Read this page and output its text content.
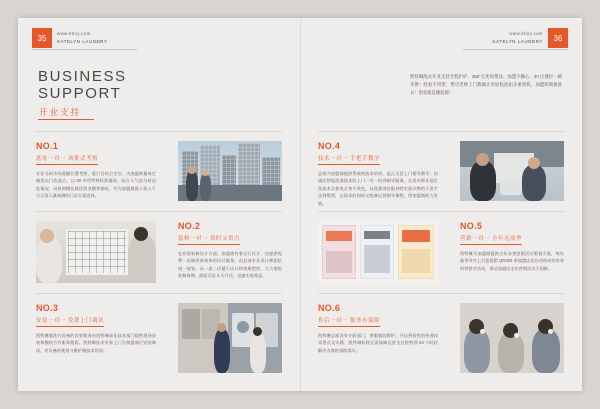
35	www.ktlxy.com
KATELYN LAUNDRY	36
www.ktlxy.com
KATELYN LAUNDRY
BUSINESS
SUPPORT
开业支持
凯特琳洗衣开业支持全程护护，360°无死角帮扶。加盟不操心，30 位捷位一路齐携！经验不用带，帮店老师上门教做让你轻松洗拓多重商机。加盟即刻换洗衣！创业就是赚起源！
NO.1
选址一对一 场批式考察
专业分析市场商圈位置考察，进行目标点定位。为加盟商量身定制洗衣门店选点，以 80 多项考察标准辅助，结合人气流分析店址情况，具体到侧位最佳营业额等指标，开为加盟商最小投入千百合条人量预测的门店方案选择。
NO.4
技术一对一 手把手教学
总部为加盟商提供系统的技术培训，是正无偿上门指导教学，由通店智能洗涤技术的上门一对一培训指导服务。让洗衣师业面生洗技术全套免合身手改色，从洗涤剂自配到特定面衣物的干洗手法到熨烫，在技术的同时又配备运营指导课程，给加盟商助力发展。
NO.2
装修一对一 省时又省力
在店面装修设计方面，加盟商有着自行设计，也提供免费一店铺形象效果的设计服务，由总部专业设计师团队统一规划，从一流二层楼干店计和效果把控，大大缩短装修周期，最短可达 3 天开店，迅速实现效益。
NO.5
营销一对一 全年无淡季
凯特琳为加盟商提供全年各类营销活动策划方案，每年新季节共上百套促销 QR400 余加盟店店启动的成功有效的营销节活动，保证加盟店全年营销活动不间断。
NO.3
安装一对一 免费上门调试
凯特琳服洗衣设备的安装服务由凯特琳深化技术部门提供现场安装和整机合作服务跟踪。凯特琳技术专家上门为加盟商行安装调试，对设备的使用与维护做技术培训。
NO.6
售后一对一 服务有保障
凯特琳总部设有专职部门，将服服装维护，开店到投售的传递技术要点及实践，凯特琳始终无责保障运营全过程特别 24 小时轻解决为客的货助落实。
